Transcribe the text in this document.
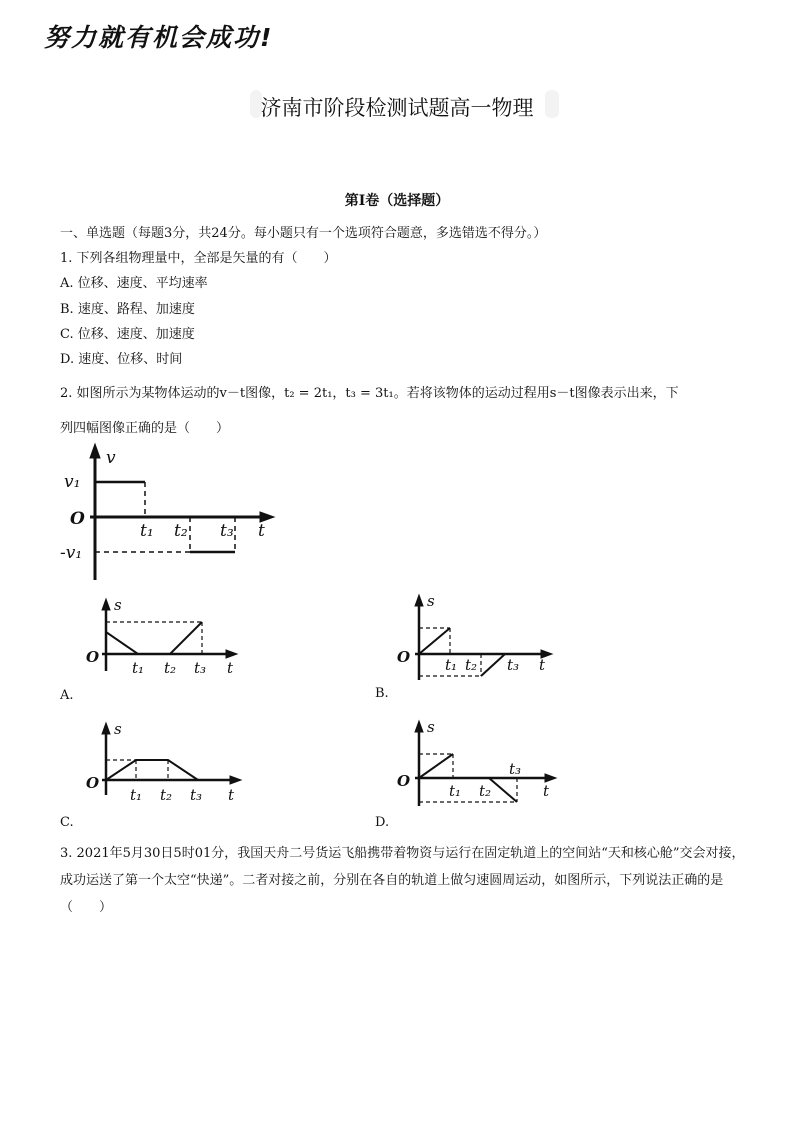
努力就有机会成功!
济南市阶段检测试题高一物理
第Ⅰ卷（选择题）
一、单选题（每题3分，共24分。每小题只有一个选项符合题意，多选错选不得分。）
1. 下列各组物理量中，全部是矢量的有（　　）
A. 位移、速度、平均速率
B. 速度、路程、加速度
C. 位移、速度、加速度
D. 速度、位移、时间
2. 如图所示为某物体运动的v－t图像，t₂ = 2t₁，t₃ = 3t₁。若将该物体的运动过程用s－t图像表示出来，下
列四幅图像正确的是（　　）
v
v₁
O
-v₁
t₁ t₂ t₃ t
s
O
t₁ t₂ t₃ t
A.
s
O t₁ t₂ t₃ t
B.
s
O
t₁ t₂ t₃ t
C.
s
O
t₁ t₂
t₃
t
D.
3. 2021年5月30日5时01分，我国天舟二号货运飞船携带着物资与运行在固定轨道上的空间站“天和核心舱”交会对接，成功运送了第一个太空“快递”。二者对接之前，分别在各自的轨道上做匀速圆周运动，如图所示，下列说法正确的是（　　）
